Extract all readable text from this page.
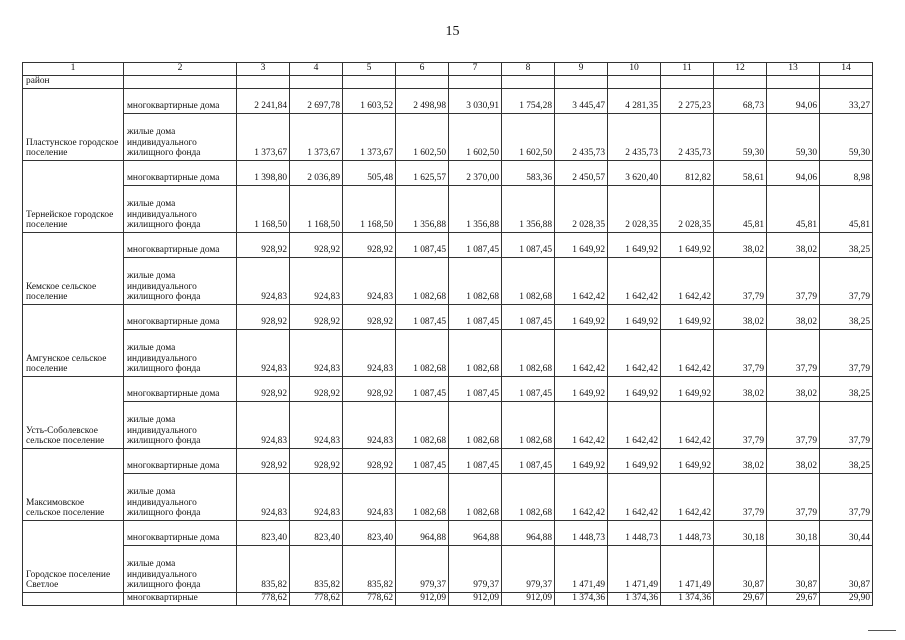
15
1	2	3	4	5	6	7	8	9	10	11	12	13	14
район													
Пластунское городское поселение	многоквартирные дома	2 241,84	2 697,78	1 603,52	2 498,98	3 030,91	1 754,28	3 445,47	4 281,35	2 275,23	68,73	94,06	33,27
	жилые дома индивидуального жилищного фонда	1 373,67	1 373,67	1 373,67	1 602,50	1 602,50	1 602,50	2 435,73	2 435,73	2 435,73	59,30	59,30	59,30
Тернейское городское поселение	многоквартирные дома	1 398,80	2 036,89	505,48	1 625,57	2 370,00	583,36	2 450,57	3 620,40	812,82	58,61	94,06	8,98
	жилые дома индивидуального жилищного фонда	1 168,50	1 168,50	1 168,50	1 356,88	1 356,88	1 356,88	2 028,35	2 028,35	2 028,35	45,81	45,81	45,81
Кемское сельское поселение	многоквартирные дома	928,92	928,92	928,92	1 087,45	1 087,45	1 087,45	1 649,92	1 649,92	1 649,92	38,02	38,02	38,25
	жилые дома индивидуального жилищного фонда	924,83	924,83	924,83	1 082,68	1 082,68	1 082,68	1 642,42	1 642,42	1 642,42	37,79	37,79	37,79
Амгунское сельское поселение	многоквартирные дома	928,92	928,92	928,92	1 087,45	1 087,45	1 087,45	1 649,92	1 649,92	1 649,92	38,02	38,02	38,25
	жилые дома индивидуального жилищного фонда	924,83	924,83	924,83	1 082,68	1 082,68	1 082,68	1 642,42	1 642,42	1 642,42	37,79	37,79	37,79
Усть-Соболевское сельское поселение	многоквартирные дома	928,92	928,92	928,92	1 087,45	1 087,45	1 087,45	1 649,92	1 649,92	1 649,92	38,02	38,02	38,25
	жилые дома индивидуального жилищного фонда	924,83	924,83	924,83	1 082,68	1 082,68	1 082,68	1 642,42	1 642,42	1 642,42	37,79	37,79	37,79
Максимовское сельское поселение	многоквартирные дома	928,92	928,92	928,92	1 087,45	1 087,45	1 087,45	1 649,92	1 649,92	1 649,92	38,02	38,02	38,25
	жилые дома индивидуального жилищного фонда	924,83	924,83	924,83	1 082,68	1 082,68	1 082,68	1 642,42	1 642,42	1 642,42	37,79	37,79	37,79
Городское поселение Светлое	многоквартирные дома	823,40	823,40	823,40	964,88	964,88	964,88	1 448,73	1 448,73	1 448,73	30,18	30,18	30,44
	жилые дома индивидуального жилищного фонда	835,82	835,82	835,82	979,37	979,37	979,37	1 471,49	1 471,49	1 471,49	30,87	30,87	30,87
	многоквартирные	778,62	778,62	778,62	912,09	912,09	912,09	1 374,36	1 374,36	1 374,36	29,67	29,67	29,90
